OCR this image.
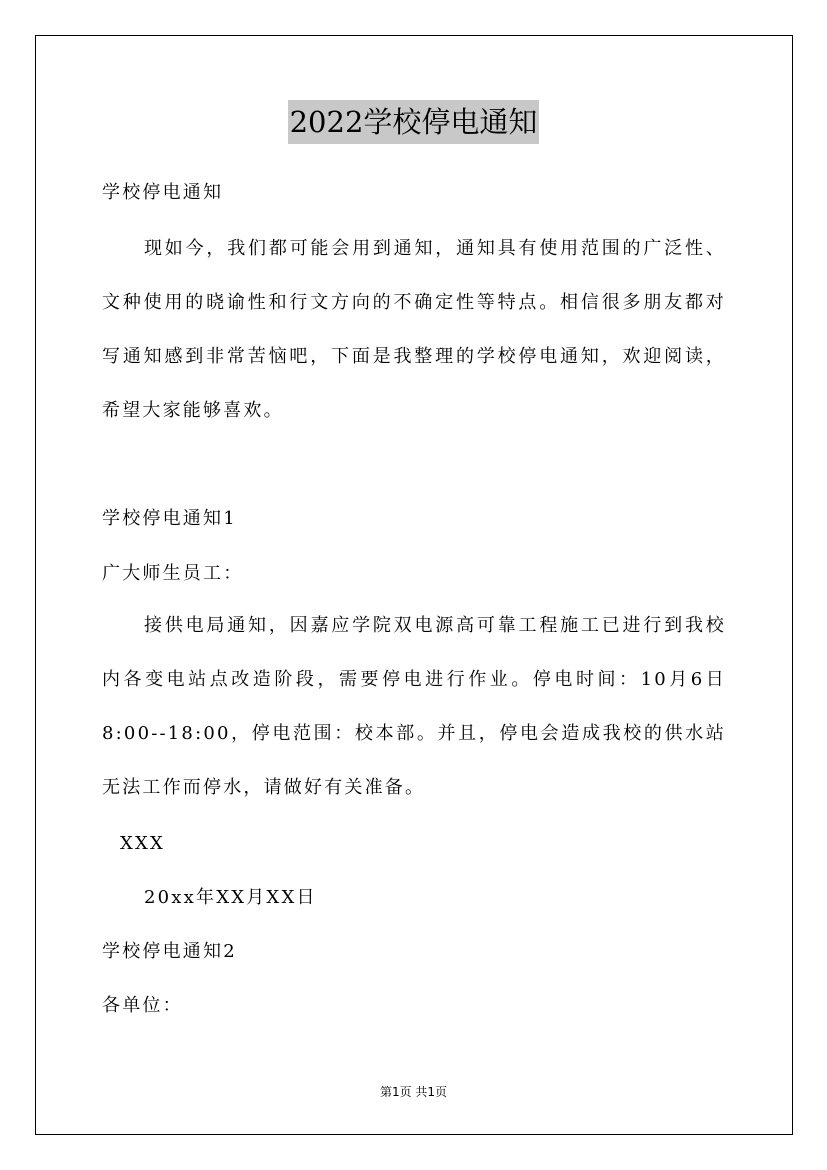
2022学校停电通知
学校停电通知
现如今，我们都可能会用到通知，通知具有使用范围的广泛性、文种使用的晓谕性和行文方向的不确定性等特点。相信很多朋友都对写通知感到非常苦恼吧，下面是我整理的学校停电通知，欢迎阅读，希望大家能够喜欢。
学校停电通知1
广大师生员工：
接供电局通知，因嘉应学院双电源高可靠工程施工已进行到我校内各变电站点改造阶段，需要停电进行作业。停电时间：10月6日 8:00--18:00，停电范围：校本部。并且，停电会造成我校的供水站无法工作而停水，请做好有关准备。
XXX
20xx年XX月XX日
学校停电通知2
各单位：
第1页 共1页
